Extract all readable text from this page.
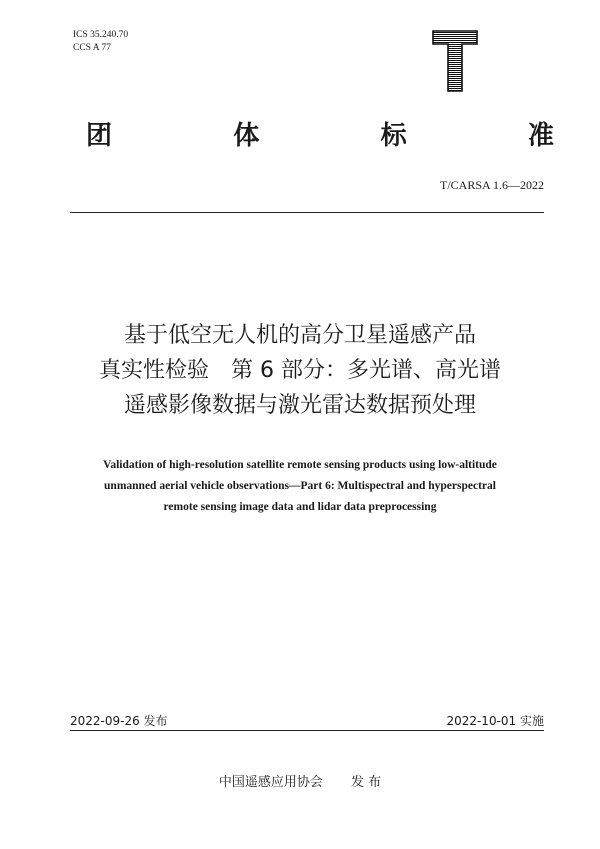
ICS 35.240.70
CCS A 77
团	体	标	准
T/CARSA 1.6—2022
基于低空无人机的高分卫星遥感产品
真实性检验　第 6 部分：多光谱、高光谱
遥感影像数据与激光雷达数据预处理
Validation of high-resolution satellite remote sensing products using low-altitude
unmanned aerial vehicle observations—Part 6: Multispectral and hyperspectral
remote sensing image data and lidar data preprocessing
2022-09-26 发布	2022-10-01 实施
中国遥感应用协会 发 布
